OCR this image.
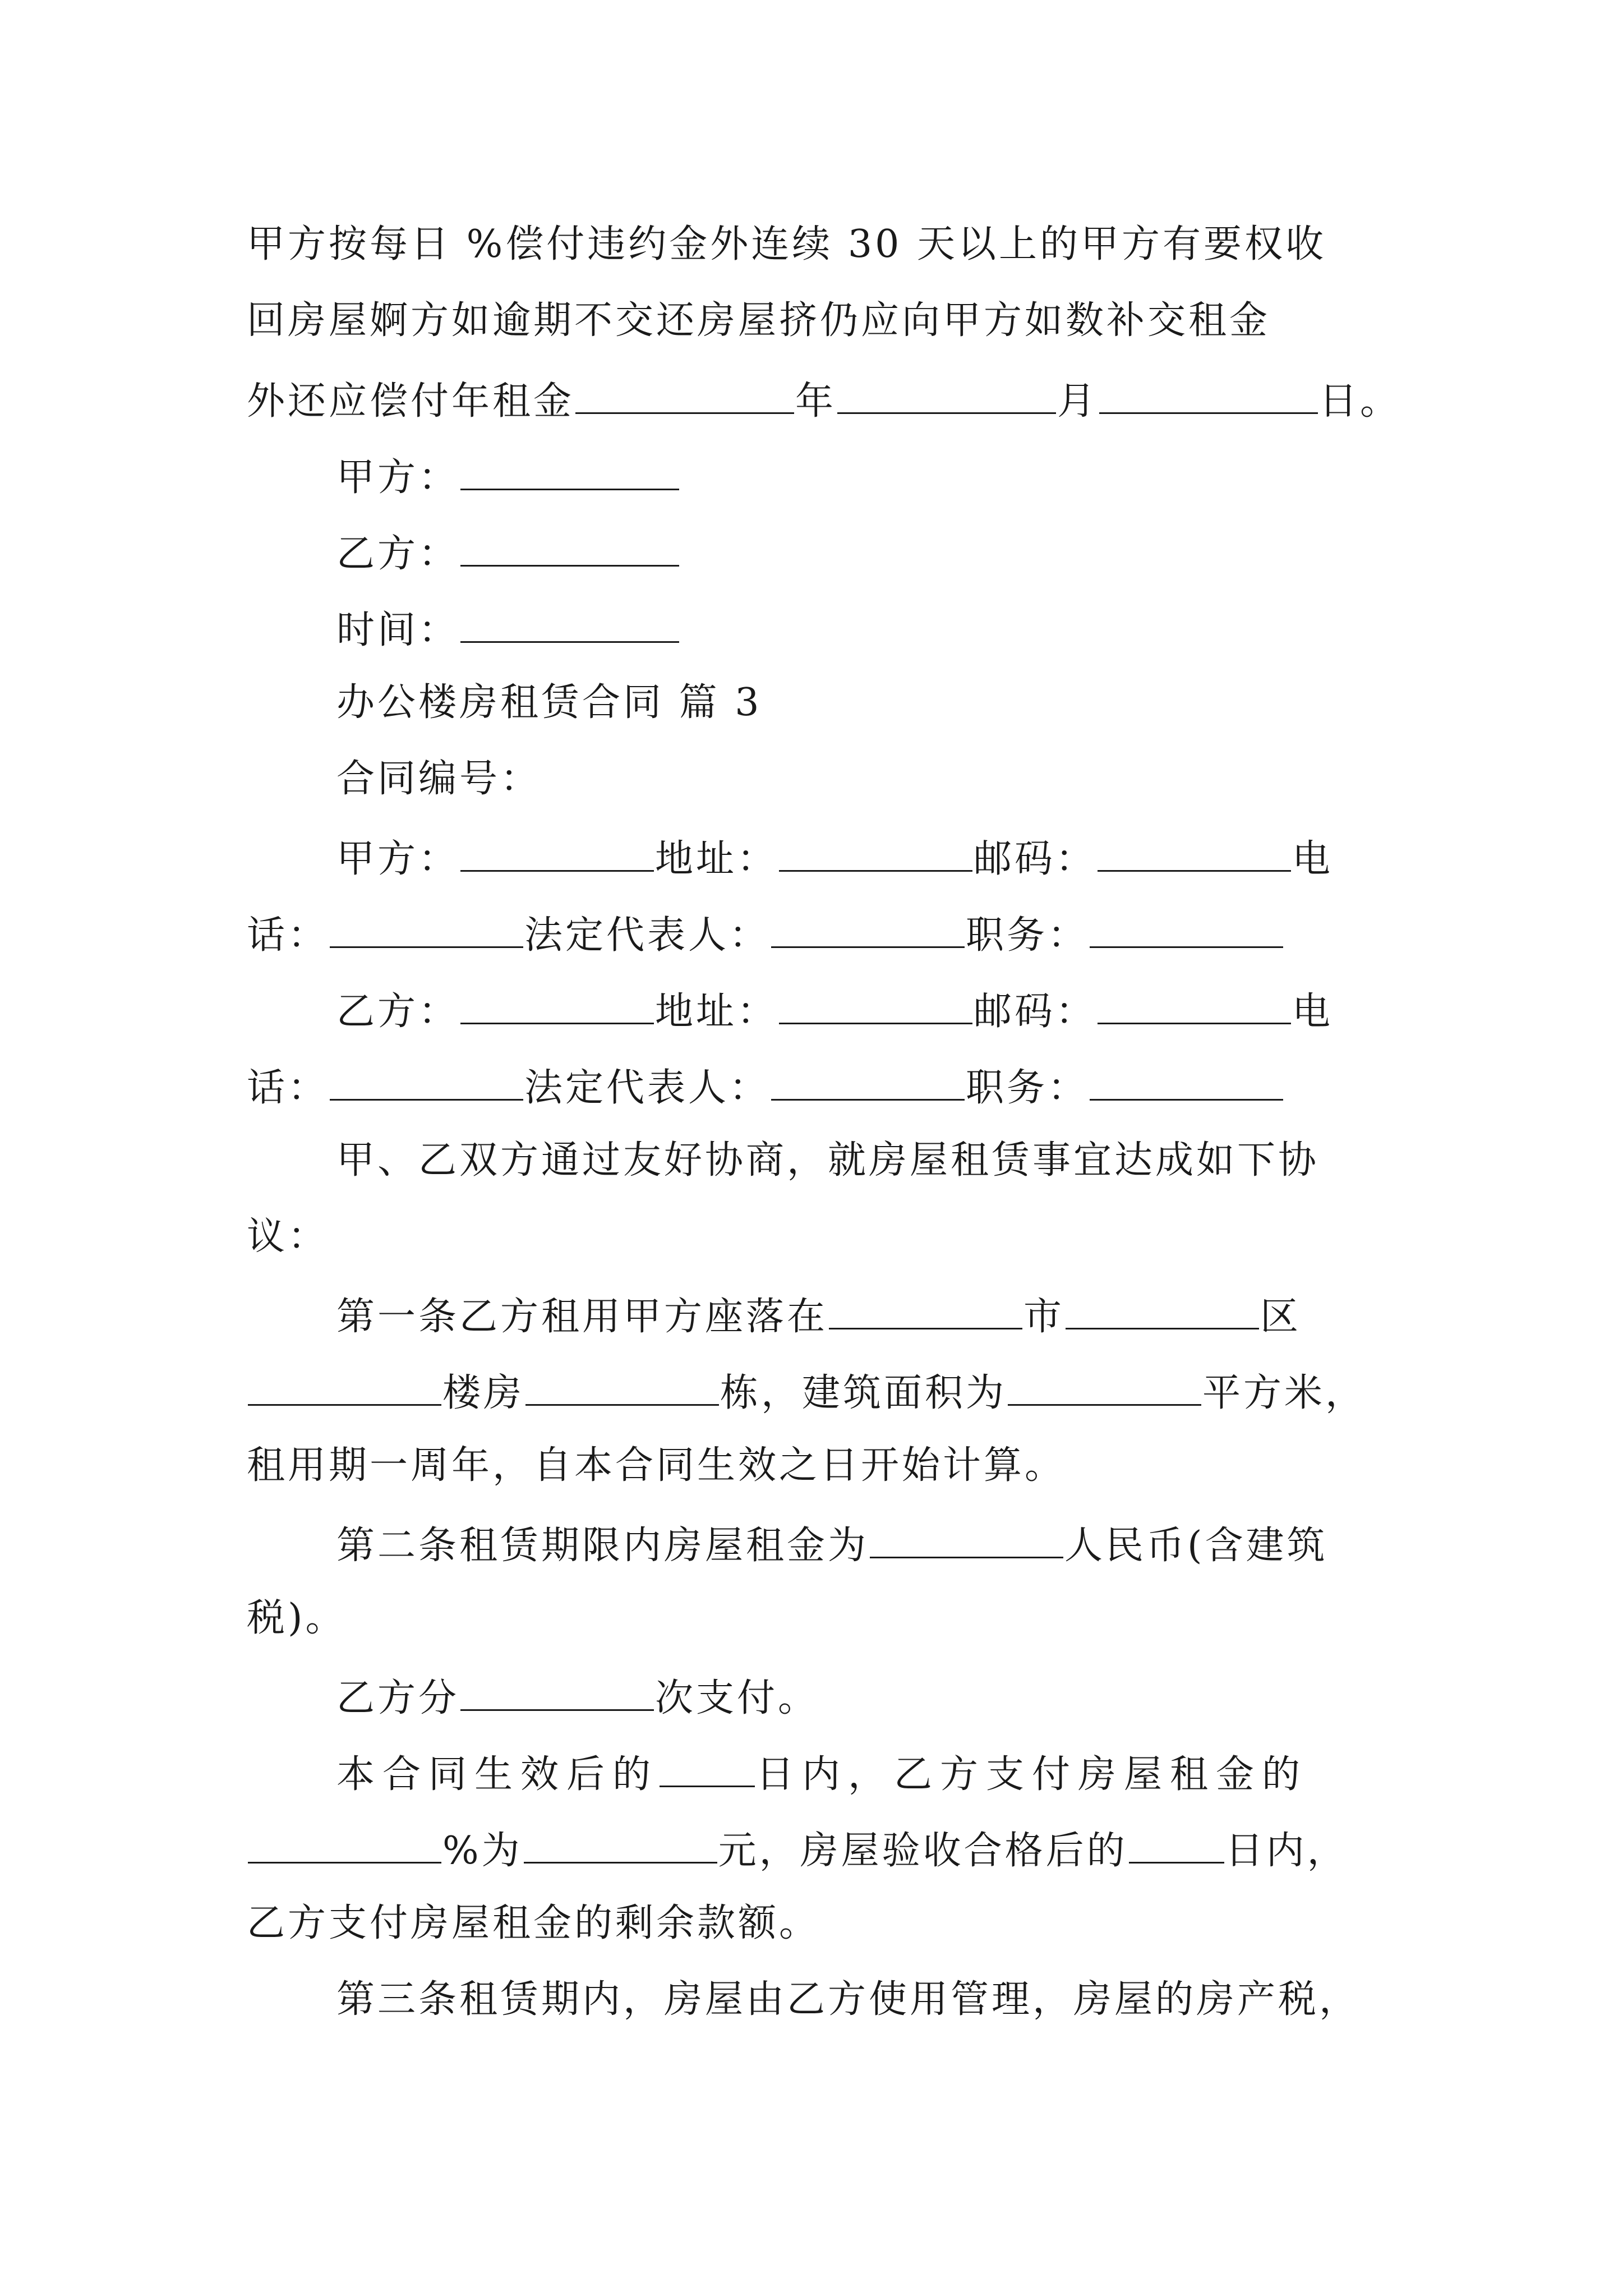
甲方按每日 %偿付违约金外连续 30 天以上的甲方有要权收
回房屋婀方如逾期不交还房屋挤仍应向甲方如数补交租金
外还应偿付年租金	年	月	日。
甲方：
乙方：
时间：
办公楼房租赁合同 篇 3
合同编号：
甲方：	地址：	邮码：	电
话：	法定代表人：	职务：
乙方：	地址：	邮码：	电
话：	法定代表人：	职务：
甲、乙双方通过友好协商，就房屋租赁事宜达成如下协
议：
第一条乙方租用甲方座落在	市	区
楼房	栋，建筑面积为	平方米，
租用期一周年，自本合同生效之日开始计算。
第二条租赁期限内房屋租金为	人民币(含建筑
税)。
乙方分	次支付。
本合同生效后的	日内，乙方支付房屋租金的
%为	元，房屋验收合格后的	日内，
乙方支付房屋租金的剩余款额。
第三条租赁期内，房屋由乙方使用管理，房屋的房产税，
